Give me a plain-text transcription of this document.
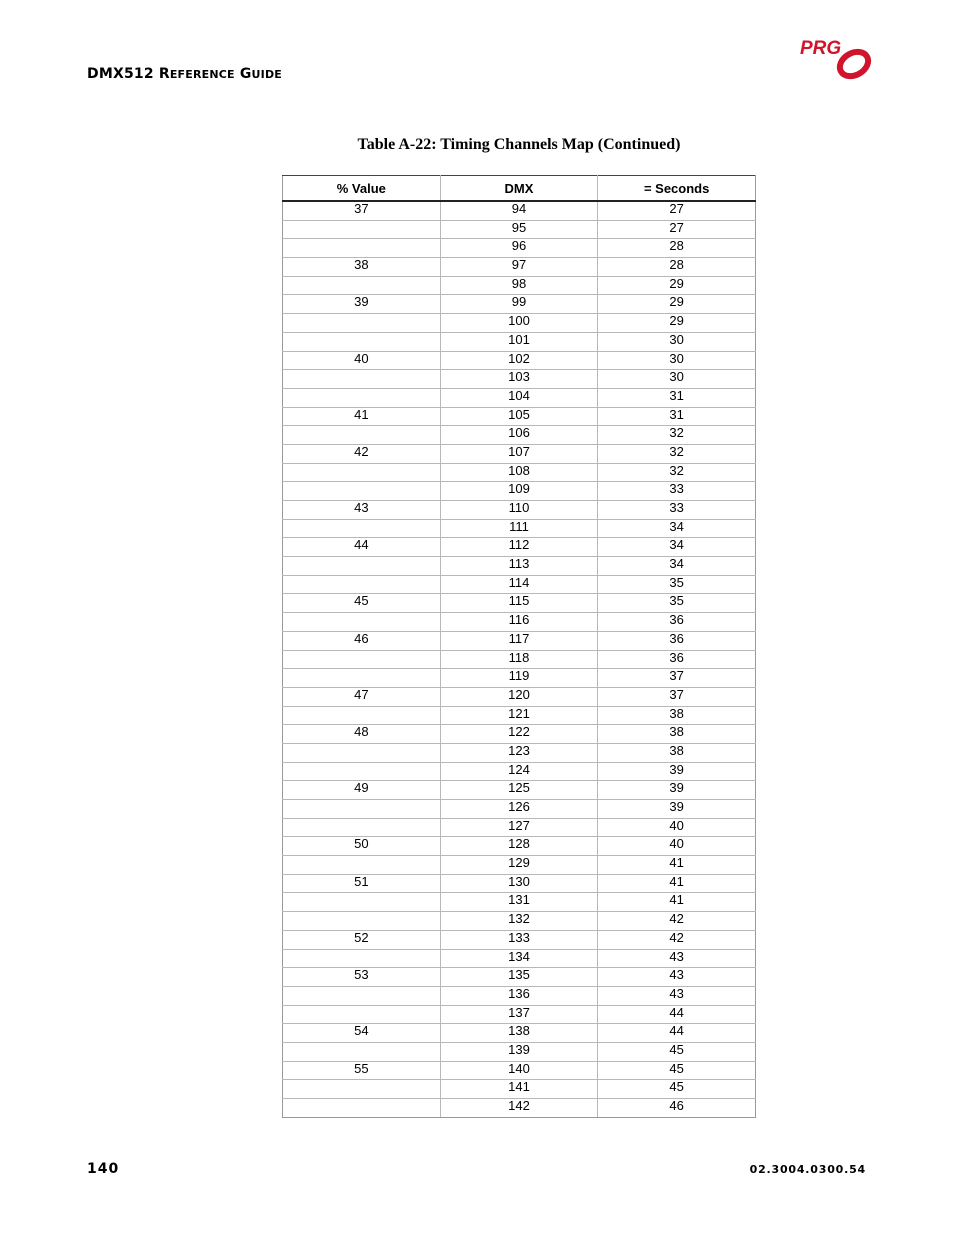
DMX512 REFERENCE GUIDE
PRG
Table A-22: Timing Channels Map (Continued)
% Value	DMX	= Seconds
37	94	27
	95	27
	96	28
38	97	28
	98	29
39	99	29
	100	29
	101	30
40	102	30
	103	30
	104	31
41	105	31
	106	32
42	107	32
	108	32
	109	33
43	110	33
	111	34
44	112	34
	113	34
	114	35
45	115	35
	116	36
46	117	36
	118	36
	119	37
47	120	37
	121	38
48	122	38
	123	38
	124	39
49	125	39
	126	39
	127	40
50	128	40
	129	41
51	130	41
	131	41
	132	42
52	133	42
	134	43
53	135	43
	136	43
	137	44
54	138	44
	139	45
55	140	45
	141	45
	142	46
140	02.3004.0300.54
